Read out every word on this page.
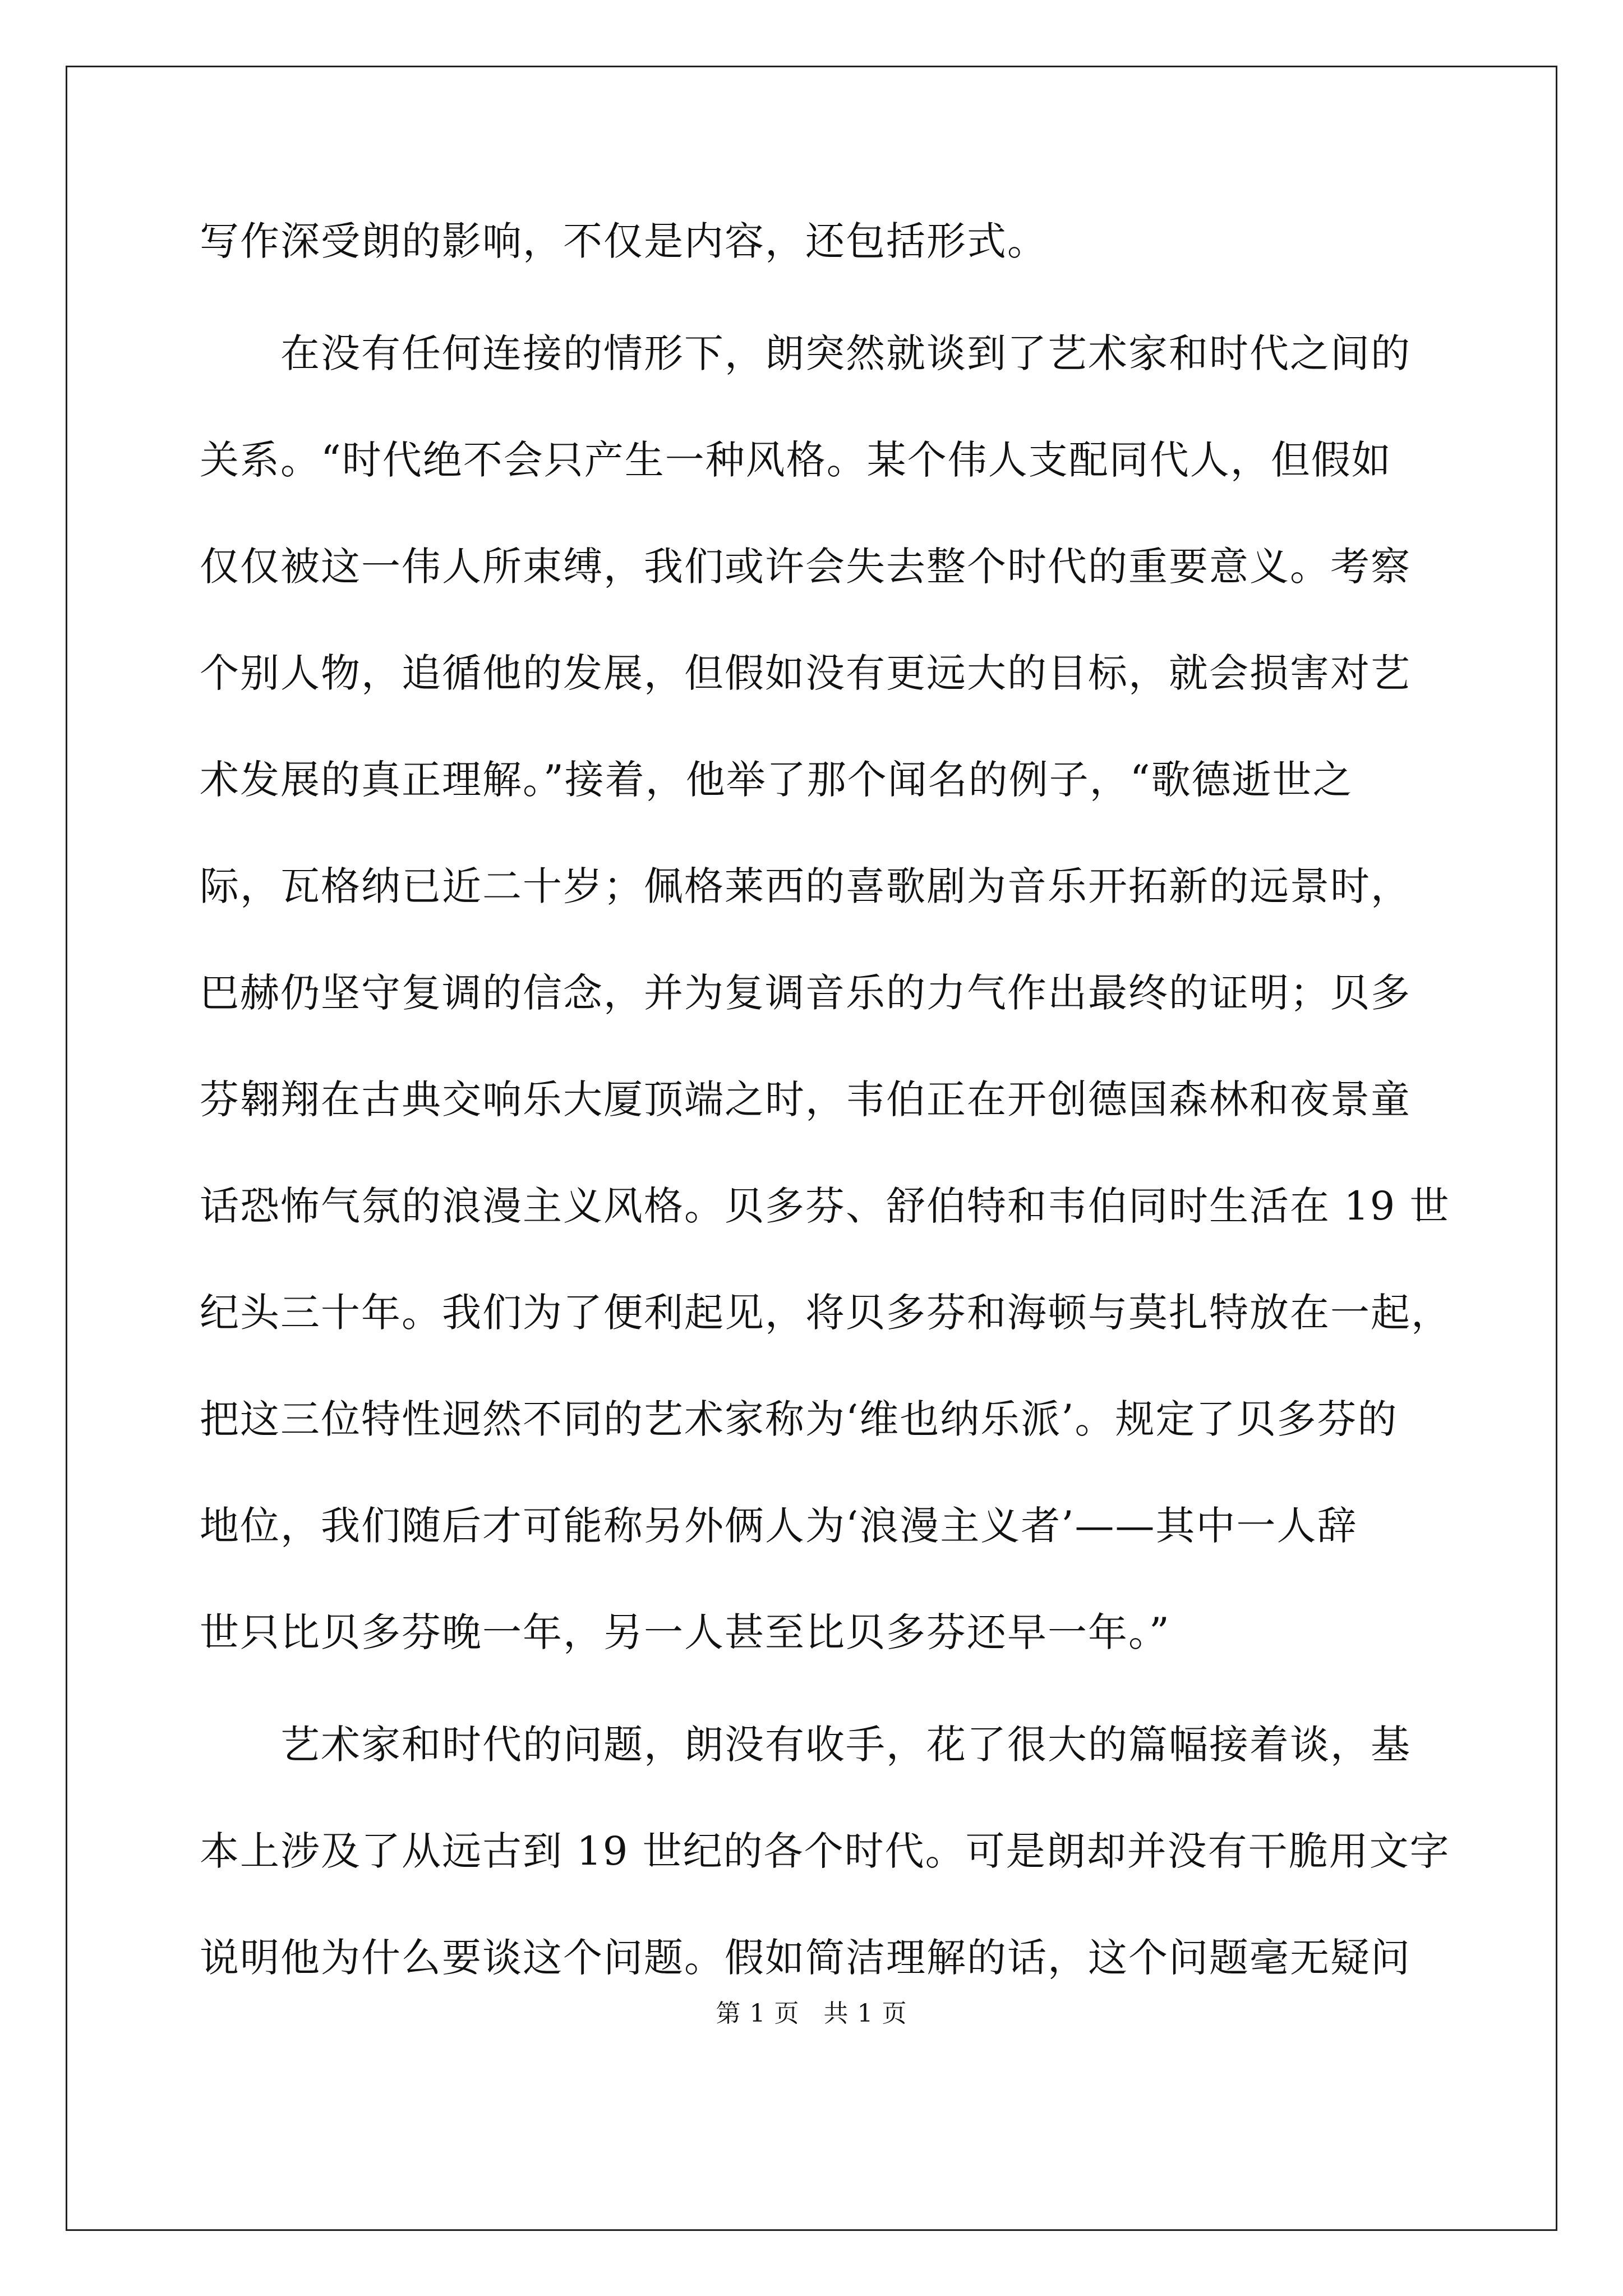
写作深受朗的影响，不仅是内容，还包括形式。
　　在没有任何连接的情形下，朗突然就谈到了艺术家和时代之间的
关系。“时代绝不会只产生一种风格。某个伟人支配同代人，但假如
仅仅被这一伟人所束缚，我们或许会失去整个时代的重要意义。考察
个别人物，追循他的发展，但假如没有更远大的目标，就会损害对艺
术发展的真正理解。”接着，他举了那个闻名的例子，“歌德逝世之
际，瓦格纳已近二十岁；佩格莱西的喜歌剧为音乐开拓新的远景时，
巴赫仍坚守复调的信念，并为复调音乐的力气作出最终的证明；贝多
芬翱翔在古典交响乐大厦顶端之时，韦伯正在开创德国森林和夜景童
话恐怖气氛的浪漫主义风格。贝多芬、舒伯特和韦伯同时生活在 19 世
纪头三十年。我们为了便利起见，将贝多芬和海顿与莫扎特放在一起，
把这三位特性迥然不同的艺术家称为‘维也纳乐派’。规定了贝多芬的
地位，我们随后才可能称另外俩人为‘浪漫主义者’——其中一人辞
世只比贝多芬晚一年，另一人甚至比贝多芬还早一年。”
　　艺术家和时代的问题，朗没有收手，花了很大的篇幅接着谈，基
本上涉及了从远古到 19 世纪的各个时代。可是朗却并没有干脆用文字
说明他为什么要谈这个问题。假如简洁理解的话，这个问题毫无疑问
第 1 页 共 1 页
